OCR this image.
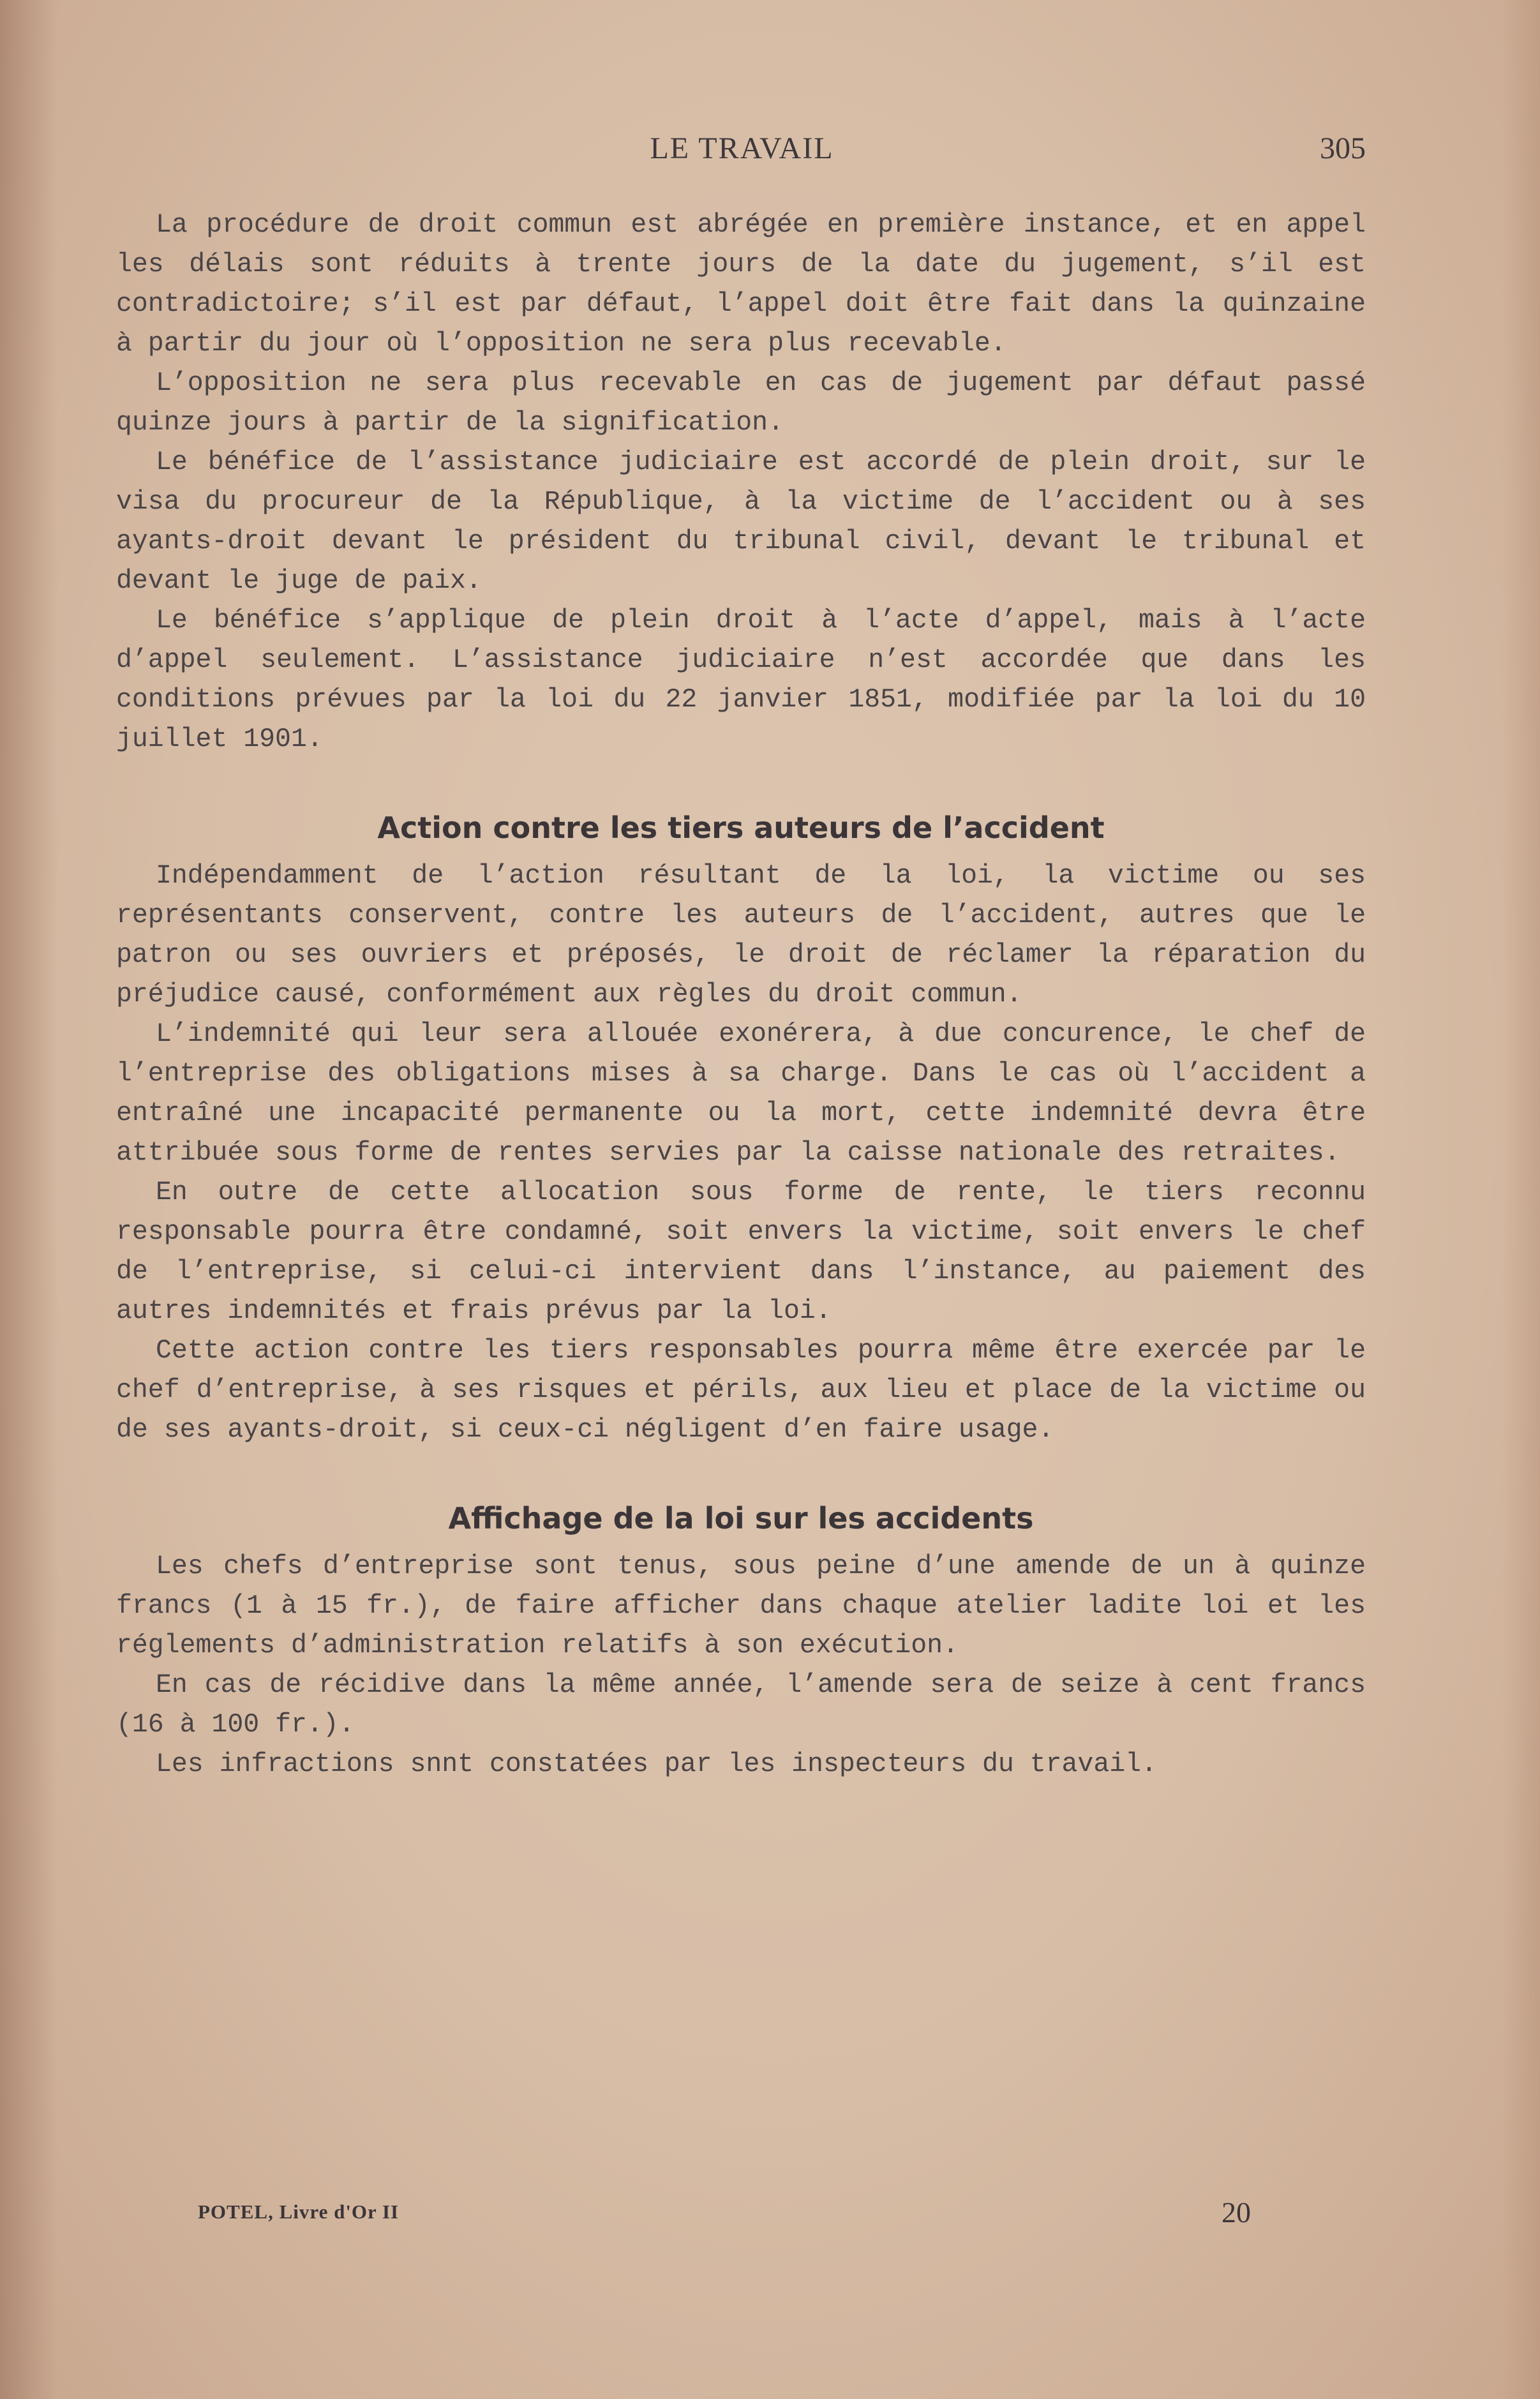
LE TRAVAIL	305

La procédure de droit commun est abrégée en première instance, et en appel les délais sont réduits à trente jours de la date du jugement, s’il est contradictoire; s’il est par défaut, l’appel doit être fait dans la quinzaine à partir du jour où l’opposition ne sera plus recevable.

L’opposition ne sera plus recevable en cas de jugement par défaut passé quinze jours à partir de la signification.

Le bénéfice de l’assistance judiciaire est accordé de plein droit, sur le visa du procureur de la République, à la victime de l’accident ou à ses ayants-droit devant le président du tribunal civil, devant le tribunal et devant le juge de paix.

Le bénéfice s’applique de plein droit à l’acte d’appel, mais à l’acte d’appel seulement. L’assistance judiciaire n’est accordée que dans les conditions prévues par la loi du 22 janvier 1851, modifiée par la loi du 10 juillet 1901.

Action contre les tiers auteurs de l’accident

Indépendamment de l’action résultant de la loi, la victime ou ses représentants conservent, contre les auteurs de l’accident, autres que le patron ou ses ouvriers et préposés, le droit de réclamer la réparation du préjudice causé, conformément aux règles du droit commun.

L’indemnité qui leur sera allouée exonérera, à due concurence, le chef de l’entreprise des obligations mises à sa charge. Dans le cas où l’accident a entraîné une incapacité permanente ou la mort, cette indemnité devra être attribuée sous forme de rentes servies par la caisse nationale des retraites.

En outre de cette allocation sous forme de rente, le tiers reconnu responsable pourra être condamné, soit envers la victime, soit envers le chef de l’entreprise, si celui-ci intervient dans l’instance, au paiement des autres indemnités et frais prévus par la loi.

Cette action contre les tiers responsables pourra même être exercée par le chef d’entreprise, à ses risques et périls, aux lieu et place de la victime ou de ses ayants-droit, si ceux-ci négligent d’en faire usage.

Affichage de la loi sur les accidents

Les chefs d’entreprise sont tenus, sous peine d’une amende de un à quinze francs (1 à 15 fr.), de faire afficher dans chaque atelier ladite loi et les réglements d’administration relatifs à son exécution.

En cas de récidive dans la même année, l’amende sera de seize à cent francs (16 à 100 fr.).

Les infractions snnt constatées par les inspecteurs du travail.

POTEL, Livre d'Or II	20
